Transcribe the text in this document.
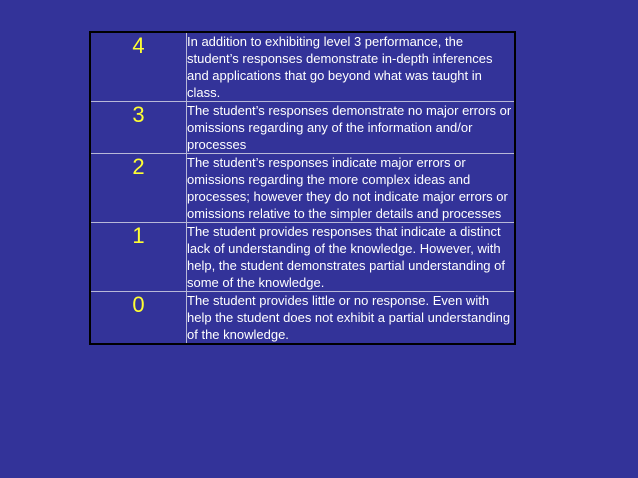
4	In addition to exhibiting level 3 performance, the student’s responses demonstrate in-depth inferences and applications that go beyond what was taught in class.
3	The student’s responses demonstrate no major errors or omissions regarding any of the information and/or processes
2	The student’s responses indicate major errors or omissions regarding the more complex ideas and processes; however they do not indicate major errors or omissions relative to the simpler details and processes
1	The student provides responses that indicate a distinct lack of understanding of the knowledge. However, with help, the student demonstrates partial understanding of some of the knowledge.
0	The student provides little or no response. Even with help the student does not exhibit a partial understanding of the knowledge.
